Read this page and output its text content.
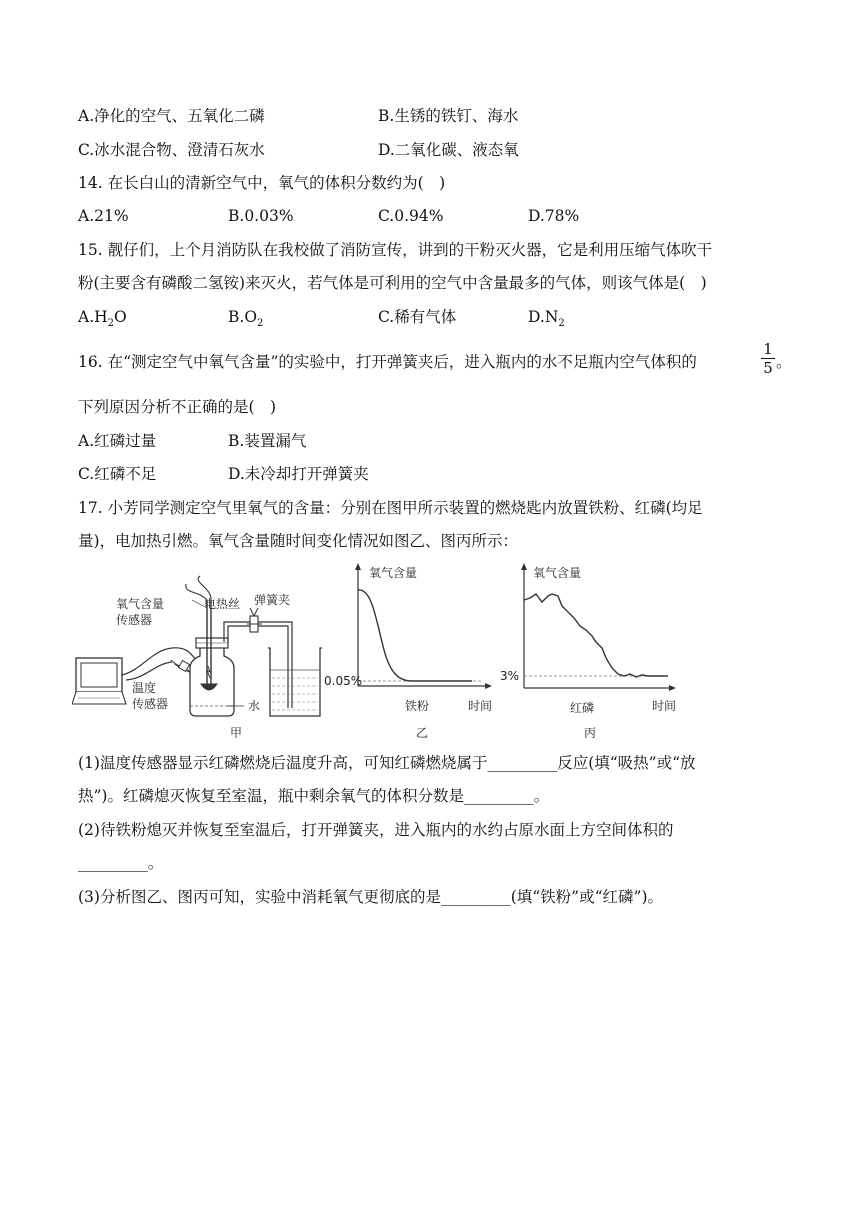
A.净化的空气、五氧化二磷	B.生锈的铁钉、海水
C.冰水混合物、澄清石灰水	D.二氧化碳、液态氧
14. 在长白山的清新空气中，氧气的体积分数约为(　)
A.21%	B.0.03%	C.0.94%	D.78%
15. 靓仔们，上个月消防队在我校做了消防宣传，讲到的干粉灭火器，它是利用压缩气体吹干
粉(主要含有磷酸二氢铵)来灭火，若气体是可利用的空气中含量最多的气体，则该气体是(　)
$A.H_2O$	$B.O_2$	C.稀有气体	$D.N_2$
16. 在“测定空气中氧气含量”的实验中，打开弹簧夹后，进入瓶内的水不足瓶内空气体积的
1
5 。
下列原因分析不正确的是(　)
A.红磷过量	B.装置漏气
C.红磷不足	D.未冷却打开弹簧夹
17. 小芳同学测定空气里氧气的含量：分别在图甲所示装置的燃烧匙内放置铁粉、红磷(均足
量)，电加热引燃。氧气含量随时间变化情况如图乙、图丙所示：
氧气含量
传感器
电热丝 弹簧夹
温度
传感器	水
甲
氧气含量
0.05%
铁粉	时间
乙
氧气含量
3%
红磷	时间
丙
(1)温度传感器显示红磷燃烧后温度升高，可知红磷燃烧属于_________反应(填“吸热”或“放
热”)。红磷熄灭恢复至室温，瓶中剩余氧气的体积分数是_________。
(2)待铁粉熄灭并恢复至室温后，打开弹簧夹，进入瓶内的水约占原水面上方空间体积的
_________。
(3)分析图乙、图丙可知，实验中消耗氧气更彻底的是_________(填“铁粉”或“红磷”)。
